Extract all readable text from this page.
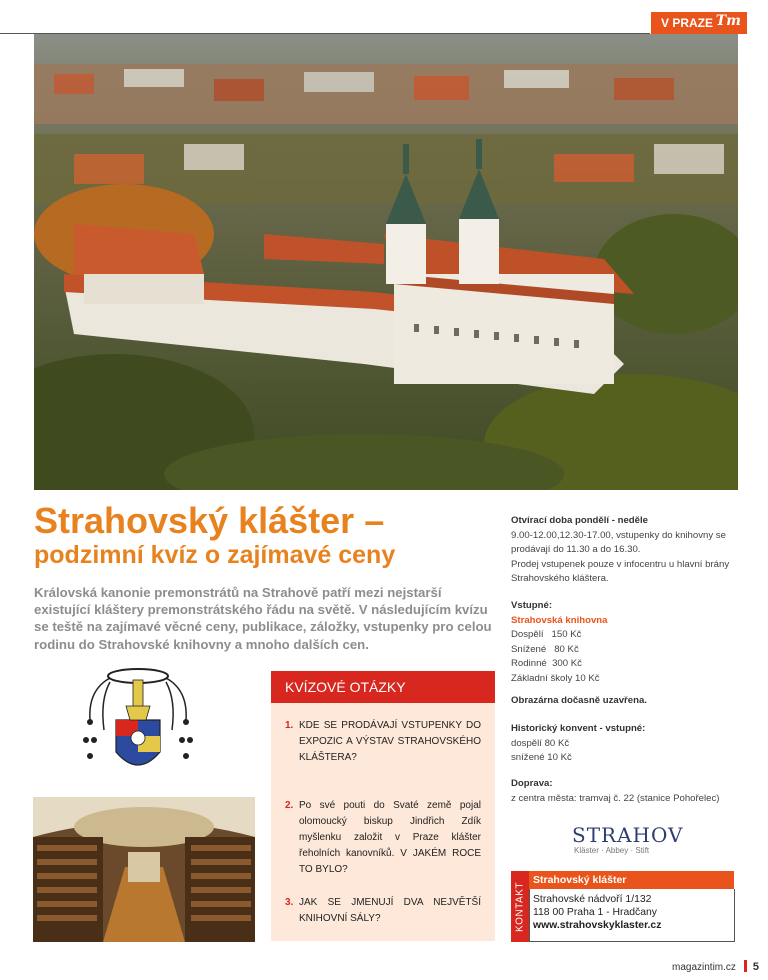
V PRAZE Tm
Strahovský klášter –
podzimní kvíz o zajímavé ceny
Královská kanonie premonstrátů na Strahově patří mezi nejstarší existující kláštery premonstrátského řádu na světě. V následujícím kvízu se teště na zajímavé věcné ceny, publikace, záložky, vstupenky pro celou rodinu do Strahovské knihovny a mnoho dalších cen.
KVÍZOVÉ OTÁZKY
1. KDE SE PRODÁVAJÍ VSTUPENKY DO EXPOZIC A VÝSTAV STRAHOVSKÉHO KLÁŠTERA?
2. Po své pouti do Svaté země pojal olomoucký biskup Jindřich Zdík myšlenku založit v Praze klášter řeholních kanovníků. V JAKÉM ROCE TO BYLO?
3. JAK SE JMENUJÍ DVA NEJVĚTŠÍ KNIHOVNÍ SÁLY?
Otvírací doba pondělí - neděle
9.00-12.00,12.30-17.00, vstupenky do knihovny se
prodávají do 11.30 a do 16.30.
Prodej vstupenek pouze v infocentru u hlavní brány
Strahovského kláštera.
Vstupné:
Strahovská knihovna
Dospělí 150 Kč
Snížené 80 Kč
Rodinné 300 Kč
Základní školy 10 Kč
Obrazárna dočasně uzavřena.
Historický konvent - vstupné:
dospělí 80 Kč
snížené 10 Kč
Doprava:
z centra města: tramvaj č. 22 (stanice Pohořelec)
STRAHOV
Kläster · Abbey · Stift
KONTAKT
Strahovský klášter
Strahovské nádvoří 1/132
118 00 Praha 1 - Hradčany
www.strahovskyklaster.cz
magazintim.cz 5
